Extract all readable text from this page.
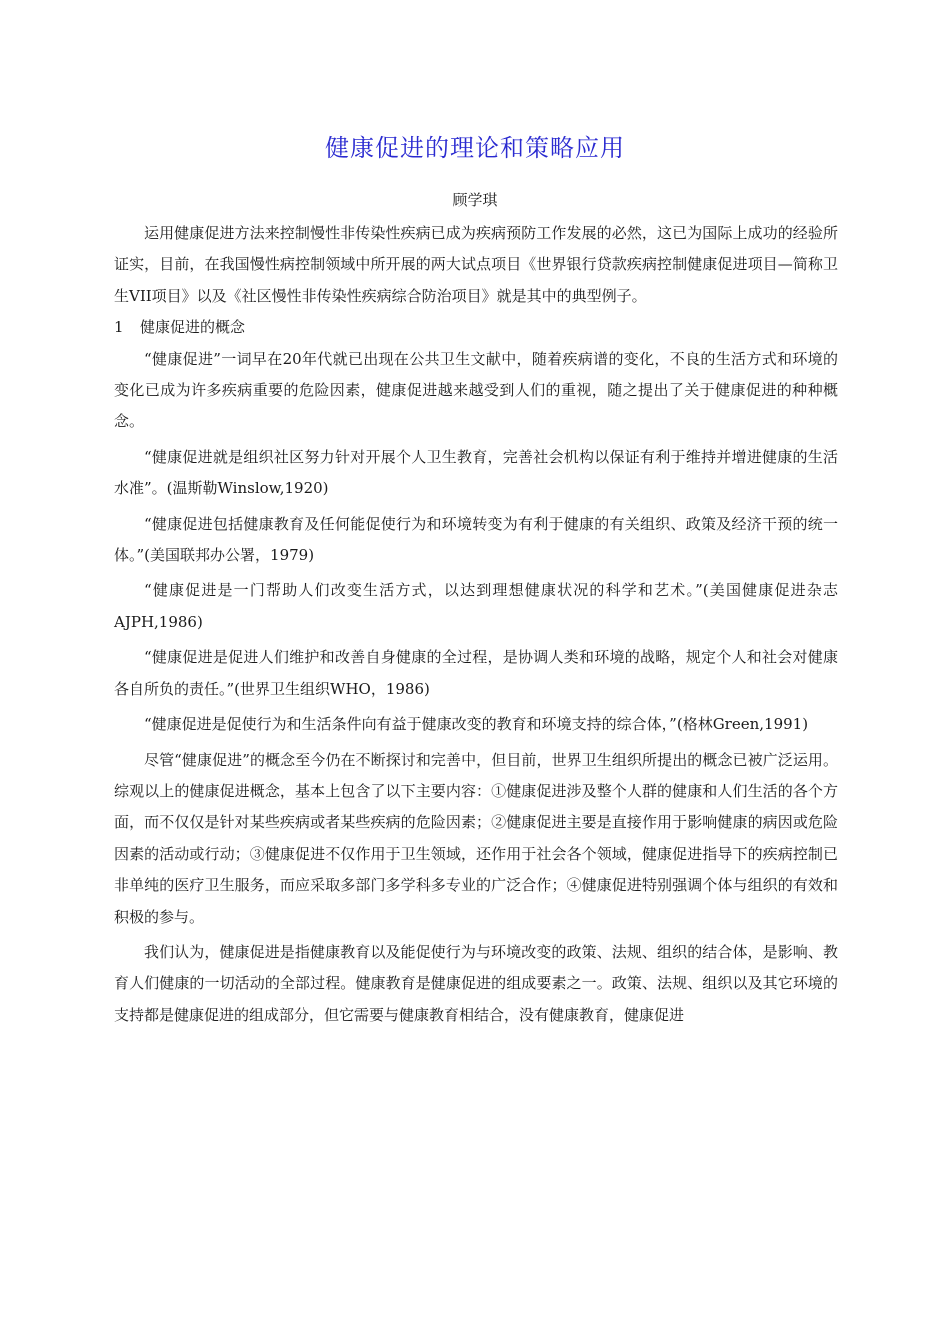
健康促进的理论和策略应用
顾学琪

运用健康促进方法来控制慢性非传染性疾病已成为疾病预防工作发展的必然，这已为国际上成功的经验所证实，目前，在我国慢性病控制领域中所开展的两大试点项目《世界银行贷款疾病控制健康促进项目—简称卫生VII项目》以及《社区慢性非传染性疾病综合防治项目》就是其中的典型例子。

1 健康促进的概念

“健康促进”一词早在20年代就已出现在公共卫生文献中，随着疾病谱的变化，不良的生活方式和环境的变化已成为许多疾病重要的危险因素，健康促进越来越受到人们的重视，随之提出了关于健康促进的种种概念。

“健康促进就是组织社区努力针对开展个人卫生教育，完善社会机构以保证有利于维持并增进健康的生活水准”。(温斯勒Winslow,1920)

“健康促进包括健康教育及任何能促使行为和环境转变为有利于健康的有关组织、政策及经济干预的统一体。”(美国联邦办公署，1979)

“健康促进是一门帮助人们改变生活方式，以达到理想健康状况的科学和艺术。”(美国健康促进杂志AJPH,1986)

“健康促进是促进人们维护和改善自身健康的全过程，是协调人类和环境的战略，规定个人和社会对健康各自所负的责任。”(世界卫生组织WHO，1986)

“健康促进是促使行为和生活条件向有益于健康改变的教育和环境支持的综合体，”(格林Green,1991)

尽管“健康促进”的概念至今仍在不断探讨和完善中，但目前，世界卫生组织所提出的概念已被广泛运用。综观以上的健康促进概念，基本上包含了以下主要内容：①健康促进涉及整个人群的健康和人们生活的各个方面，而不仅仅是针对某些疾病或者某些疾病的危险因素；②健康促进主要是直接作用于影响健康的病因或危险因素的活动或行动；③健康促进不仅作用于卫生领域，还作用于社会各个领域，健康促进指导下的疾病控制已非单纯的医疗卫生服务，而应采取多部门多学科多专业的广泛合作；④健康促进特别强调个体与组织的有效和积极的参与。

我们认为，健康促进是指健康教育以及能促使行为与环境改变的政策、法规、组织的结合体，是影响、教育人们健康的一切活动的全部过程。健康教育是健康促进的组成要素之一。政策、法规、组织以及其它环境的支持都是健康促进的组成部分，但它需要与健康教育相结合，没有健康教育，健康促进
